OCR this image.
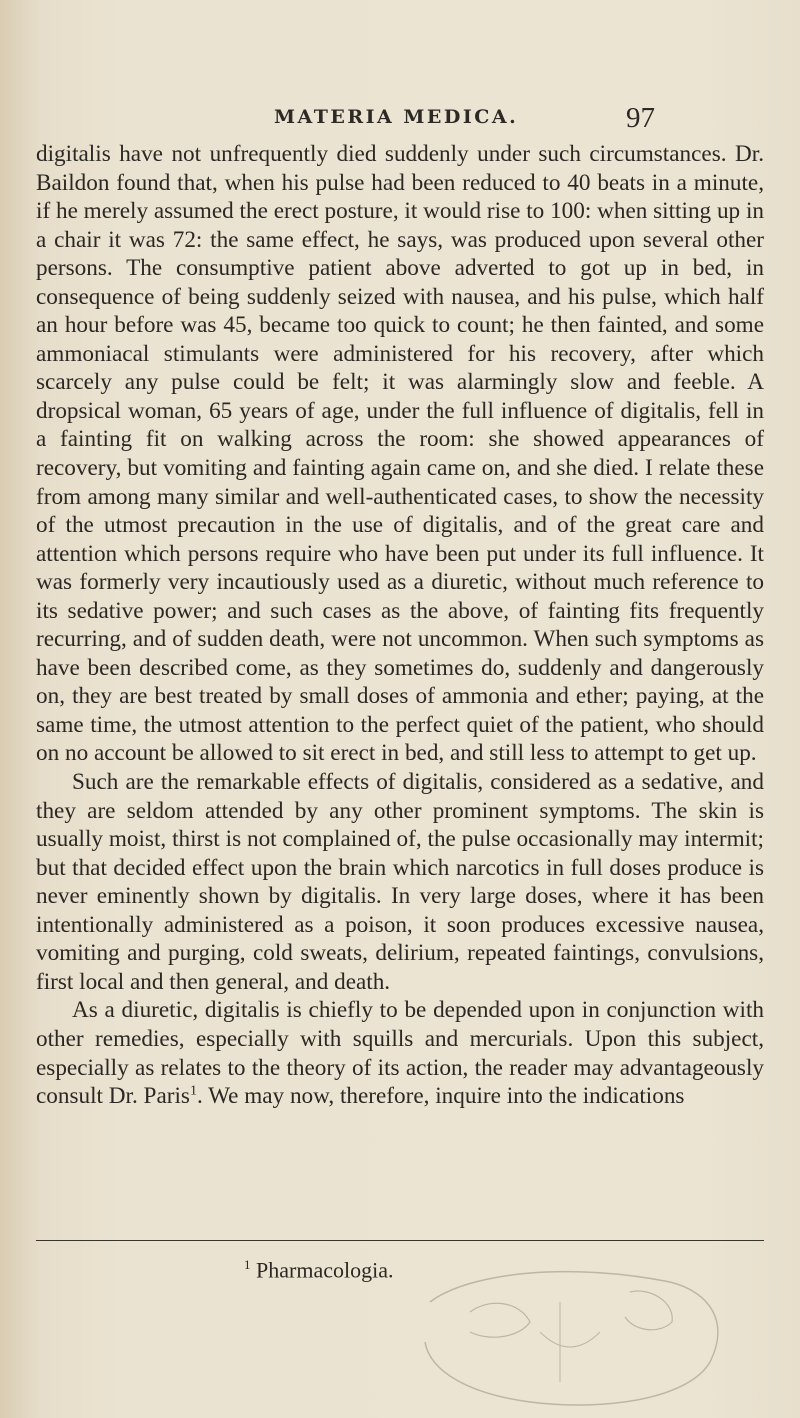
MATERIA MEDICA.	97

digitalis have not unfrequently died suddenly under such circumstances. Dr. Baildon found that, when his pulse had been reduced to 40 beats in a minute, if he merely assumed the erect posture, it would rise to 100: when sitting up in a chair it was 72: the same effect, he says, was produced upon several other persons. The consumptive patient above adverted to got up in bed, in consequence of being suddenly seized with nausea, and his pulse, which half an hour before was 45, became too quick to count; he then fainted, and some ammoniacal stimulants were administered for his recovery, after which scarcely any pulse could be felt; it was alarmingly slow and feeble. A dropsical woman, 65 years of age, under the full influence of digitalis, fell in a fainting fit on walking across the room: she showed appearances of recovery, but vomiting and fainting again came on, and she died. I relate these from among many similar and well-authenticated cases, to show the necessity of the utmost precaution in the use of digitalis, and of the great care and attention which persons require who have been put under its full influence. It was formerly very incautiously used as a diuretic, without much reference to its sedative power; and such cases as the above, of fainting fits frequently recurring, and of sudden death, were not uncommon. When such symptoms as have been described come, as they sometimes do, suddenly and dangerously on, they are best treated by small doses of ammonia and ether; paying, at the same time, the utmost attention to the perfect quiet of the patient, who should on no account be allowed to sit erect in bed, and still less to attempt to get up.

Such are the remarkable effects of digitalis, considered as a sedative, and they are seldom attended by any other prominent symptoms. The skin is usually moist, thirst is not complained of, the pulse occasionally may intermit; but that decided effect upon the brain which narcotics in full doses produce is never eminently shown by digitalis. In very large doses, where it has been intentionally administered as a poison, it soon produces excessive nausea, vomiting and purging, cold sweats, delirium, repeated faintings, convulsions, first local and then general, and death.

As a diuretic, digitalis is chiefly to be depended upon in conjunction with other remedies, especially with squills and mercurials. Upon this subject, especially as relates to the theory of its action, the reader may advantageously consult Dr. Paris$^1$. We may now, therefore, inquire into the indications

$^1$ Pharmacologia.
